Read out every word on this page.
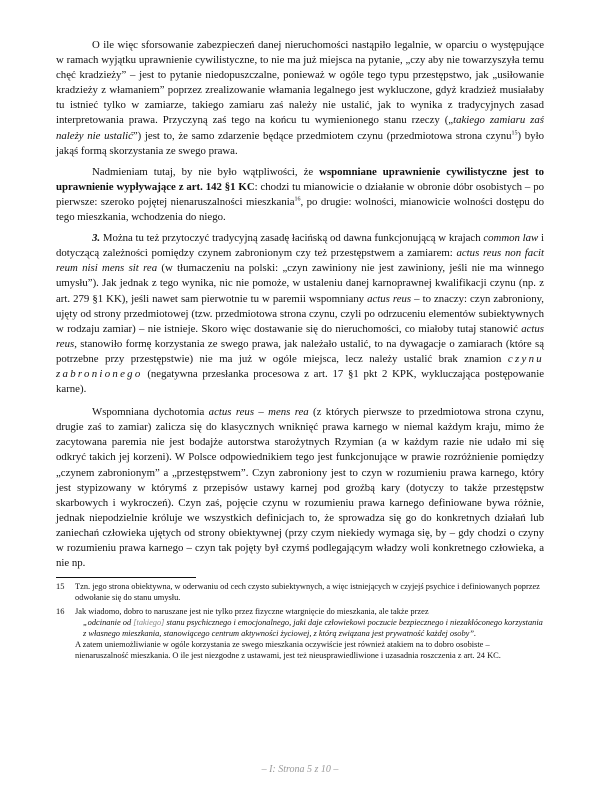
O ile więc sforsowanie zabezpieczeń danej nieruchomości nastąpiło legalnie, w oparciu o występujące w ramach wyjątku uprawnienie cywilistyczne, to nie ma już miejsca na pytanie, „czy aby nie towarzyszyła temu chęć kradzieży” – jest to pytanie niedopuszczalne, ponieważ w ogóle tego typu przestępstwo, jak „usiłowanie kradzieży z włamaniem” poprzez zrealizowanie włamania legalnego jest wykluczone, gdyż kradzież musiałaby tu istnieć tylko w zamiarze, takiego zamiaru zaś należy nie ustalić, jak to wynika z tradycyjnych zasad interpretowania prawa. Przyczyną zaś tego na końcu tu wymienionego stanu rzeczy („takiego zamiaru zaś należy nie ustalić”) jest to, że samo zdarzenie będące przedmiotem czynu (przedmiotowa strona czynu$^{15}$) było jakąś formą skorzystania ze swego prawa.

Nadmieniam tutaj, by nie było wątpliwości, że wspomniane uprawnienie cywilistyczne jest to uprawnienie wypływające z art. 142 §1 KC: chodzi tu mianowicie o działanie w obronie dóbr osobistych – po pierwsze: szeroko pojętej nienaruszalności mieszkania$^{16}$, po drugie: wolności, mianowicie wolności dostępu do tego mieszkania, wchodzenia do niego.

3. Można tu też przytoczyć tradycyjną zasadę łacińską od dawna funkcjonującą w krajach common law i dotyczącą zależności pomiędzy czynem zabronionym czy też przestępstwem a zamiarem: actus reus non facit reum nisi mens sit rea (w tłumaczeniu na polski: „czyn zawiniony nie jest zawiniony, jeśli nie ma winnego umysłu”). Jak jednak z tego wynika, nic nie pomoże, w ustaleniu danej karnoprawnej kwalifikacji czynu (np. z art. 279 §1 KK), jeśli nawet sam pierwotnie tu w paremii wspomniany actus reus – to znaczy: czyn zabroniony, ujęty od strony przedmiotowej (tzw. przedmiotowa strona czynu, czyli po odrzuceniu elementów subiektywnych w rodzaju zamiar) – nie istnieje. Skoro więc dostawanie się do nieruchomości, co miałoby tutaj stanowić actus reus, stanowiło formę korzystania ze swego prawa, jak należało ustalić, to na dywagacje o zamiarach (które są potrzebne przy przestępstwie) nie ma już w ogóle miejsca, lecz należy ustalić brak znamion czynu zabronionego (negatywna przesłanka procesowa z art. 17 §1 pkt 2 KPK, wykluczająca postępowanie karne).

Wspomniana dychotomia actus reus – mens rea (z których pierwsze to przedmiotowa strona czynu, drugie zaś to zamiar) zalicza się do klasycznych wniknięć prawa karnego w niemal każdym kraju, mimo że zacytowana paremia nie jest bodajże autorstwa starożytnych Rzymian (a w każdym razie nie udało mi się odkryć takich jej korzeni). W Polsce odpowiednikiem tego jest funkcjonujące w prawie rozróżnienie pomiędzy „czynem zabronionym” a „przestępstwem”. Czyn zabroniony jest to czyn w rozumieniu prawa karnego, który jest stypizowany w którymś z przepisów ustawy karnej pod groźbą kary (dotyczy to także przestępstw skarbowych i wykroczeń). Czyn zaś, pojęcie czynu w rozumieniu prawa karnego definiowane bywa różnie, jednak niepodzielnie króluje we wszystkich definicjach to, że sprowadza się go do konkretnych działań lub zaniechań człowieka ujętych od strony obiektywnej (przy czym niekiedy wymaga się, by – gdy chodzi o czyny w rozumieniu prawa karnego – czyn tak pojęty był czymś podlegającym władzy woli konkretnego człowieka, a nie np.

15	Tzn. jego strona obiektywna, w oderwaniu od cech czysto subiektywnych, a więc istniejących w czyjejś psychice i definiowanych poprzez odwołanie się do stanu umysłu.

16	Jak wiadomo, dobro to naruszane jest nie tylko przez fizyczne wtargnięcie do mieszkania, ale także przez

„odcinanie od [takiego] stanu psychicznego i emocjonalnego, jaki daje człowiekowi poczucie bezpiecznego i niezakłóconego korzystania z własnego mieszkania, stanowiącego centrum aktywności życiowej, z którą związana jest prywatność każdej osoby”.

A zatem uniemożliwianie w ogóle korzystania ze swego mieszkania oczywiście jest również atakiem na to dobro osobiste – nienaruszalność mieszkania. O ile jest niezgodne z ustawami, jest też nieusprawiedliwione i uzasadnia roszczenia z art. 24 KC.

– I: Strona 5 z 10 –
